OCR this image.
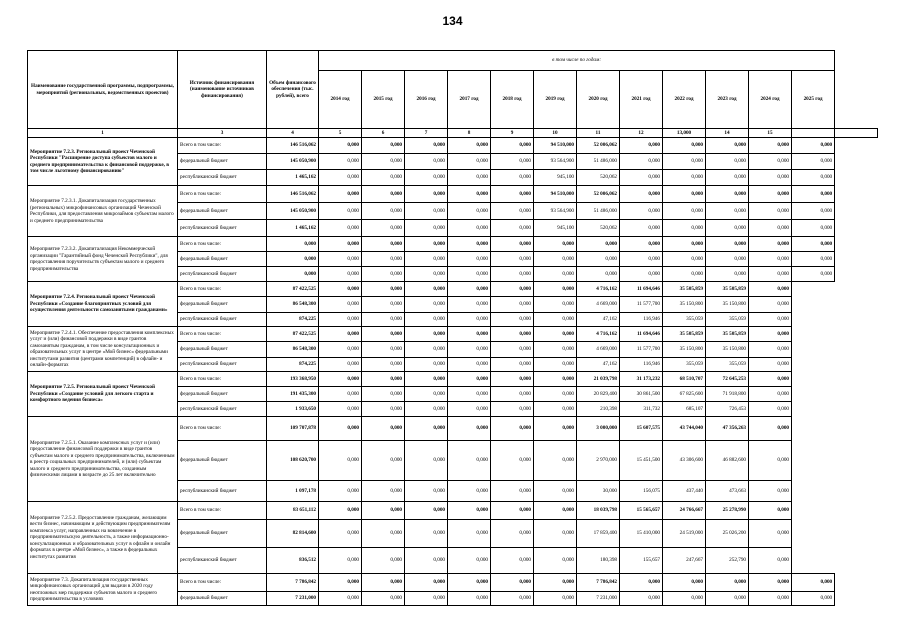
134
Наименование государственной программы, подпрограммы, мероприятий (региональных, ведомственных проектов)	Источник финансирования (наименование источников финансирования)	Объем финансового обеспечения (тыс. рублей), всего	в том числе по годам:												
			2014 год	2015 год	2016 год	2017 год	2018 год	2019 год	2020 год	2021 год	2022 год	2023 год	2024 год	2025 год	
1	3	4	5	6	7	8	9	10	11	12	13,000	14	15		
Мероприятие 7.2.3. Региональный проект Чеченской Республики "Расширение доступа субъектов малого и среднего предпринимательства к финансовой поддержке, в том числе льготному финансированию"	Всего в том числе:	146 516,062	0,000	0,000	0,000	0,000	0,000	94 510,000	52 006,062	0,000	0,000	0,000	0,000	0,000	
	федеральный бюджет	145 050,900	0,000	0,000	0,000	0,000	0,000	93 564,900	51 486,000	0,000	0,000	0,000	0,000	0,000	
	республиканский бюджет	1 465,162	0,000	0,000	0,000	0,000	0,000	945,100	520,062	0,000	0,000	0,000	0,000	0,000	
Мероприятие 7.2.3.1. Докапитализация государственных (региональных) микрофинансовых организаций Чеченской Республики, для предоставления микрозаймов субъектам малого и среднего предпринимательства	Всего в том числе:	146 516,062	0,000	0,000	0,000	0,000	0,000	94 510,000	52 006,062	0,000	0,000	0,000	0,000	0,000	
	федеральный бюджет	145 050,900	0,000	0,000	0,000	0,000	0,000	93 564,900	51 486,000	0,000	0,000	0,000	0,000	0,000	
	республиканский бюджет	1 465,162	0,000	0,000	0,000	0,000	0,000	945,100	520,062	0,000	0,000	0,000	0,000	0,000	
Мероприятие 7.2.3.2. Докапитализация Некоммерческой организации "Гарантийный фонд Чеченской Республики", для предоставления поручительств субъектам малого и среднего предпринимательства	Всего в том числе:	0,000	0,000	0,000	0,000	0,000	0,000	0,000	0,000	0,000	0,000	0,000	0,000	0,000	
	федеральный бюджет	0,000	0,000	0,000	0,000	0,000	0,000	0,000	0,000	0,000	0,000	0,000	0,000	0,000	
	республиканский бюджет	0,000	0,000	0,000	0,000	0,000	0,000	0,000	0,000	0,000	0,000	0,000	0,000	0,000	
Мероприятие 7.2.4. Региональный проект Чеченской Республики «Создание благоприятных условий для осуществления деятельности самозанятыми гражданами»	Всего в том числе:	87 422,525	0,000	0,000	0,000	0,000	0,000	0,000	4 716,162	11 694,646	35 505,859	35 505,859	0,000		
	федеральный бюджет	86 548,300	0,000	0,000	0,000	0,000	0,000	0,000	4 669,000	11 577,700	35 150,800	35 150,800	0,000		
	республиканский бюджет	874,225	0,000	0,000	0,000	0,000	0,000	0,000	47,162	116,946	355,059	355,059	0,000		
Мероприятие 7.2.4.1. Обеспечение предоставления комплексных услуг и (или) финансовой поддержки в виде грантов самозанятым гражданам, в том числе консультационных и образовательных услуг в центре «Мой бизнес» федеральными институтами развития (центрами компетенций) в офлайн- и онлайн-форматах	Всего в том числе:	87 422,525	0,000	0,000	0,000	0,000	0,000	0,000	4 716,162	11 694,646	35 505,859	35 505,859	0,000		
	федеральный бюджет	86 548,300	0,000	0,000	0,000	0,000	0,000	0,000	4 669,000	11 577,700	35 150,800	35 150,800	0,000		
	республиканский бюджет	874,225	0,000	0,000	0,000	0,000	0,000	0,000	47,162	116,946	355,059	355,059	0,000		
Мероприятие 7.2.5. Региональный проект Чеченской Республики «Создание условий для легкого старта и комфортного ведения бизнеса»	Всего в том числе:	193 368,950	0,000	0,000	0,000	0,000	0,000	0,000	21 039,798	31 173,232	68 510,707	72 645,253	0,000		
	федеральный бюджет	191 435,300	0,000	0,000	0,000	0,000	0,000	0,000	20 829,400	30 861,500	67 825,600	71 918,800	0,000		
	республиканский бюджет	1 933,650	0,000	0,000	0,000	0,000	0,000	0,000	210,398	311,732	685,107	726,453	0,000		
Мероприятие 7.2.5.1. Оказание комплексных услуг и (или) предоставление финансовой поддержки в виде грантов субъектам малого и среднего предпринимательства, включенным в реестр социальных предпринимателей, и (или) субъектам малого и среднего предпринимательства, созданным физическими лицами в возрасте до 25 лет включительно	Всего в том числе:	109 707,878	0,000	0,000	0,000	0,000	0,000	0,000	3 000,000	15 607,575	43 744,040	47 356,263	0,000		
	федеральный бюджет	108 620,700	0,000	0,000	0,000	0,000	0,000	0,000	2 970,000	15 451,500	43 306,600	46 882,600	0,000		
	республиканский бюджет	1 097,178	0,000	0,000	0,000	0,000	0,000	0,000	30,000	156,075	437,440	473,663	0,000		
Мероприятие 7.2.5.2. Предоставление гражданам, желающим вести бизнес, начинающим и действующим предпринимателям комплекса услуг, направленных на вовлечение в предпринимательскую деятельность, а также информационно-консультационных и образовательных услуг в офлайн и онлайн форматах в центре «Мой бизнес», а также в федеральных институтах развития	Всего в том числе:	83 651,112	0,000	0,000	0,000	0,000	0,000	0,000	18 039,798	15 565,657	24 766,667	25 278,990	0,000		
	федеральный бюджет	82 814,600	0,000	0,000	0,000	0,000	0,000	0,000	17 859,400	15 410,000	24 519,000	25 026,200	0,000		
	республиканский бюджет	836,512	0,000	0,000	0,000	0,000	0,000	0,000	180,398	155,657	247,667	252,790	0,000		
Мероприятие 7.3. Докапитализация государственных микрофинансовых организаций для выдачи в 2020 году неотложных мер поддержки субъектов малого и среднего предпринимательства в условиях	Всего в том числе:	7 786,842	0,000	0,000	0,000	0,000	0,000	0,000	7 786,842	0,000	0,000	0,000	0,000	0,000	
	федеральный бюджет	7 231,000	0,000	0,000	0,000	0,000	0,000	0,000	7 231,000	0,000	0,000	0,000	0,000	0,000	
